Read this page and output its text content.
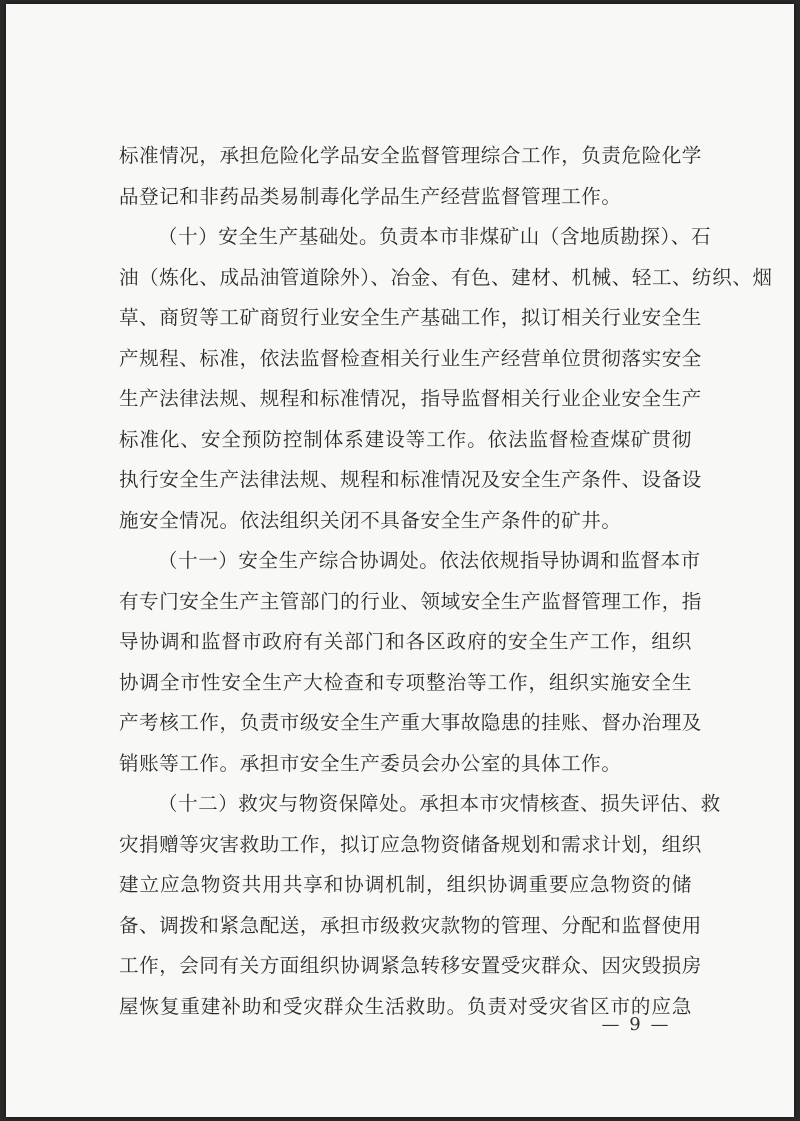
标准情况，承担危险化学品安全监督管理综合工作，负责危险化学
品登记和非药品类易制毒化学品生产经营监督管理工作。
（十）安全生产基础处。负责本市非煤矿山（含地质勘探）、石
油（炼化、成品油管道除外）、冶金、有色、建材、机械、轻工、纺织、烟
草、商贸等工矿商贸行业安全生产基础工作，拟订相关行业安全生
产规程、标准，依法监督检查相关行业生产经营单位贯彻落实安全
生产法律法规、规程和标准情况，指导监督相关行业企业安全生产
标准化、安全预防控制体系建设等工作。依法监督检查煤矿贯彻
执行安全生产法律法规、规程和标准情况及安全生产条件、设备设
施安全情况。依法组织关闭不具备安全生产条件的矿井。
（十一）安全生产综合协调处。依法依规指导协调和监督本市
有专门安全生产主管部门的行业、领域安全生产监督管理工作，指
导协调和监督市政府有关部门和各区政府的安全生产工作，组织
协调全市性安全生产大检查和专项整治等工作，组织实施安全生
产考核工作，负责市级安全生产重大事故隐患的挂账、督办治理及
销账等工作。承担市安全生产委员会办公室的具体工作。
（十二）救灾与物资保障处。承担本市灾情核查、损失评估、救
灾捐赠等灾害救助工作，拟订应急物资储备规划和需求计划，组织
建立应急物资共用共享和协调机制，组织协调重要应急物资的储
备、调拨和紧急配送，承担市级救灾款物的管理、分配和监督使用
工作，会同有关方面组织协调紧急转移安置受灾群众、因灾毁损房
屋恢复重建补助和受灾群众生活救助。负责对受灾省区市的应急
— 9 —
